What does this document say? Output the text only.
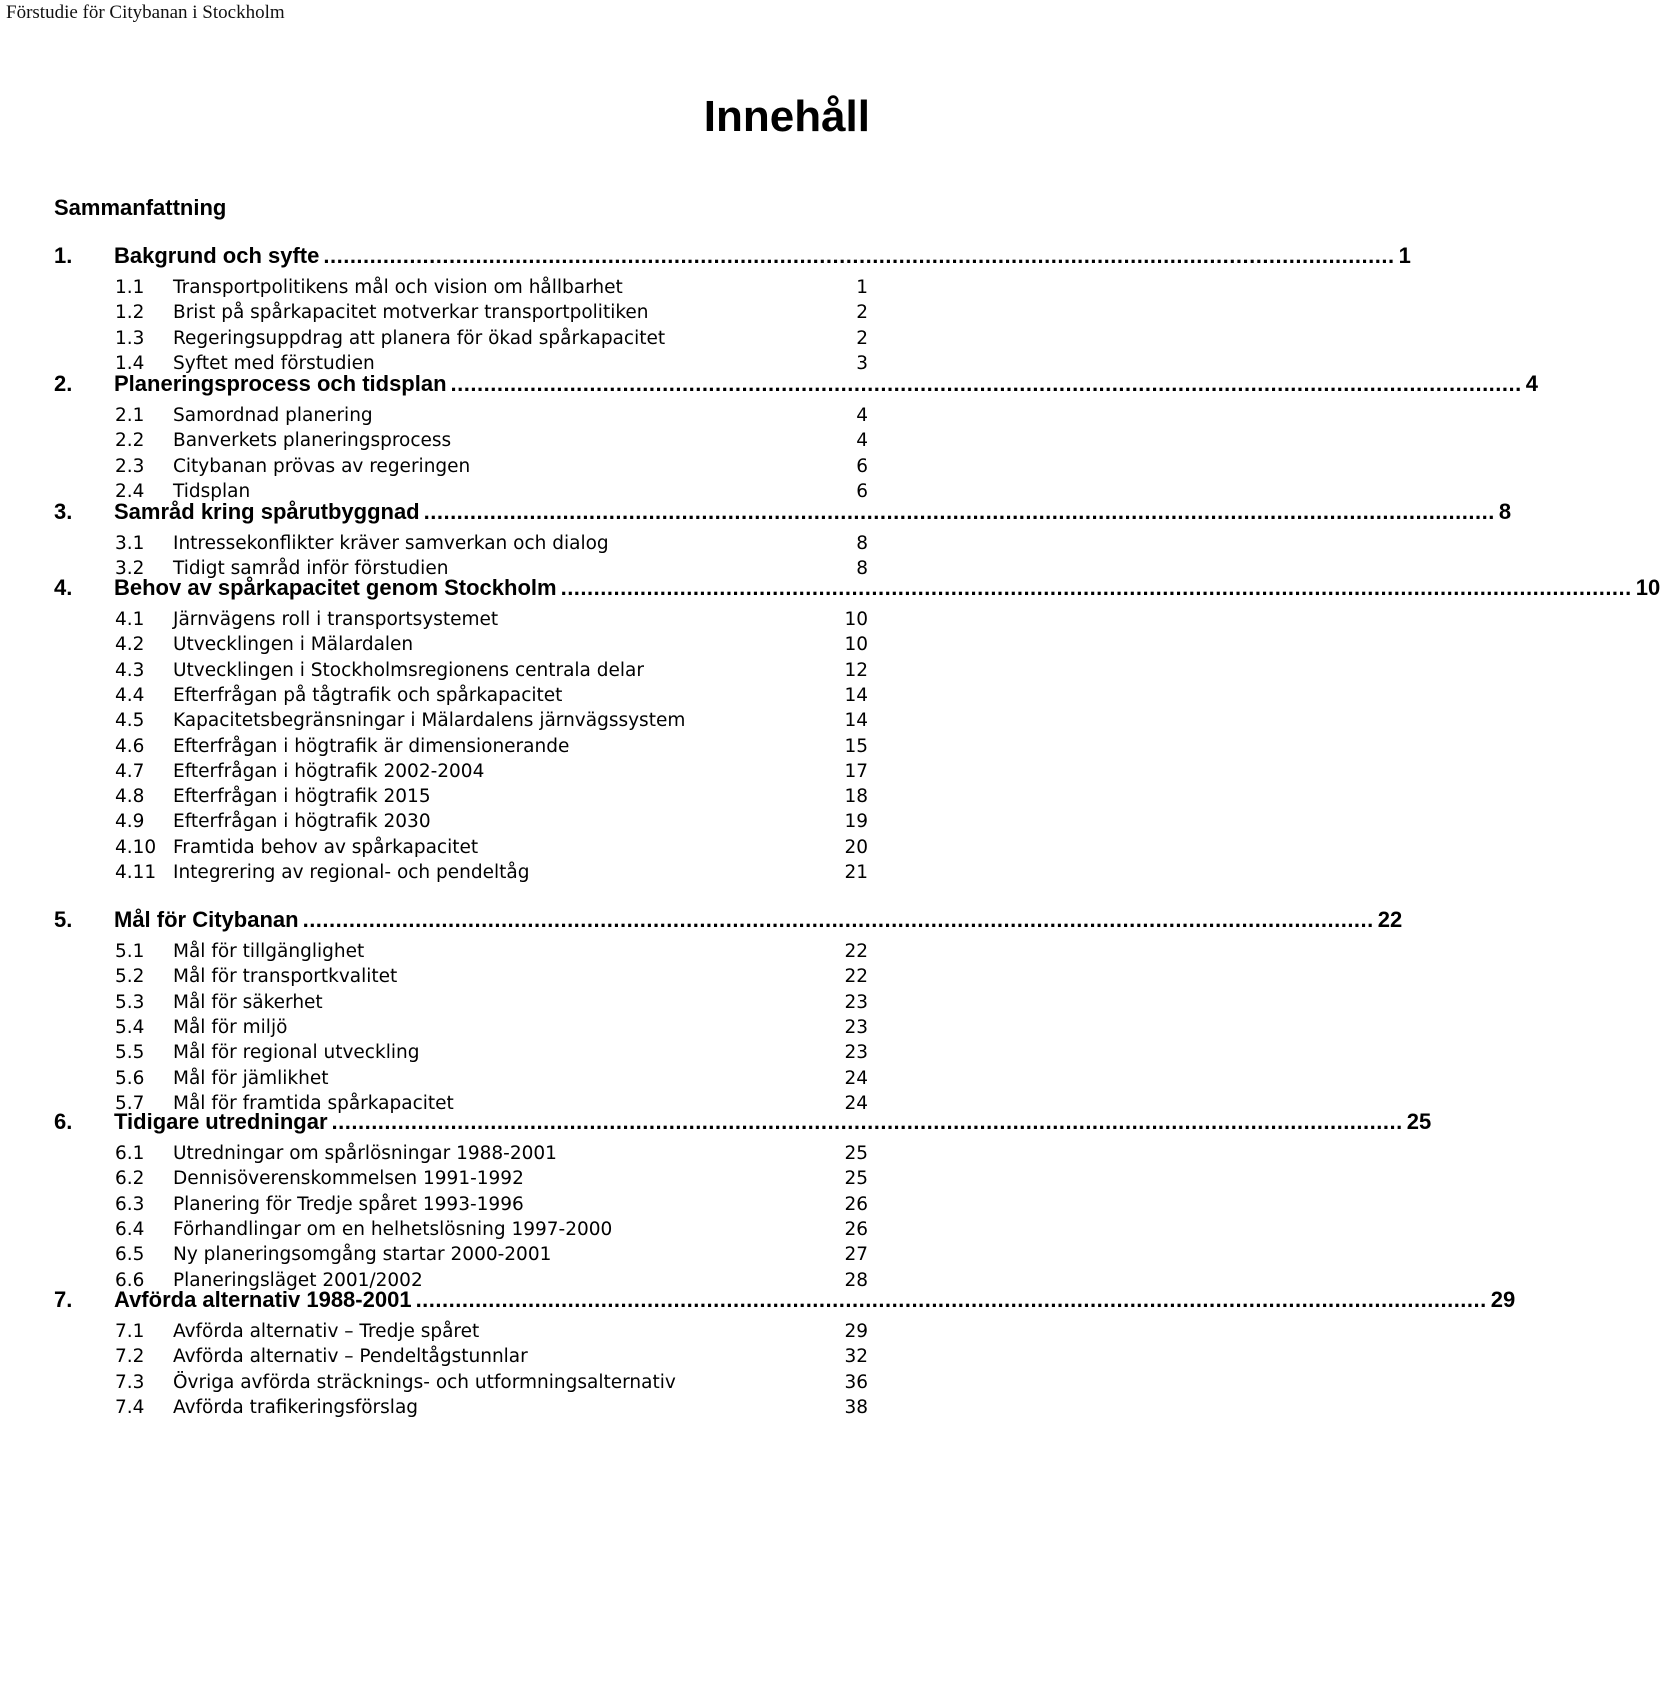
Förstudie för Citybanan i Stockholm
Innehåll
Sammanfattning
1.	Bakgrund och syfte .................................................................................................................................................................. 1
1.1	Transportpolitikens mål och vision om hållbarhet	1
1.2	Brist på spårkapacitet motverkar transportpolitiken	2
1.3	Regeringsuppdrag att planera för ökad spårkapacitet	2
1.4	Syftet med förstudien	3
2.	Planeringsprocess och tidsplan .................................................................................................................................................................. 4
2.1	Samordnad planering	4
2.2	Banverkets planeringsprocess	4
2.3	Citybanan prövas av regeringen	6
2.4	Tidsplan	6
3.	Samråd kring spårutbyggnad .................................................................................................................................................................. 8
3.1	Intressekonflikter kräver samverkan och dialog	8
3.2	Tidigt samråd inför förstudien	8
4.	Behov av spårkapacitet genom Stockholm .................................................................................................................................................................. 10
4.1	Järnvägens roll i transportsystemet	10
4.2	Utvecklingen i Mälardalen	10
4.3	Utvecklingen i Stockholmsregionens centrala delar	12
4.4	Efterfrågan på tågtrafik och spårkapacitet	14
4.5	Kapacitetsbegränsningar i Mälardalens järnvägssystem	14
4.6	Efterfrågan i högtrafik är dimensionerande	15
4.7	Efterfrågan i högtrafik 2002-2004	17
4.8	Efterfrågan i högtrafik 2015	18
4.9	Efterfrågan i högtrafik 2030	19
4.10 Framtida behov av spårkapacitet	20
4.11 Integrering av regional- och pendeltåg	21
5.	Mål för Citybanan .................................................................................................................................................................. 22
5.1	Mål för tillgänglighet	22
5.2	Mål för transportkvalitet	22
5.3	Mål för säkerhet	23
5.4	Mål för miljö	23
5.5	Mål för regional utveckling	23
5.6	Mål för jämlikhet	24
5.7	Mål för framtida spårkapacitet	24
6.	Tidigare utredningar .................................................................................................................................................................. 25
6.1	Utredningar om spårlösningar 1988-2001	25
6.2	Dennisöverenskommelsen 1991-1992	25
6.3	Planering för Tredje spåret 1993-1996	26
6.4	Förhandlingar om en helhetslösning 1997-2000	26
6.5	Ny planeringsomgång startar 2000-2001	27
6.6	Planeringsläget 2001/2002	28
7.	Avförda alternativ 1988-2001 .................................................................................................................................................................. 29
7.1	Avförda alternativ – Tredje spåret	29
7.2	Avförda alternativ – Pendeltågstunnlar	32
7.3	Övriga avförda sträcknings- och utformningsalternativ	36
7.4	Avförda trafikeringsförslag	38
